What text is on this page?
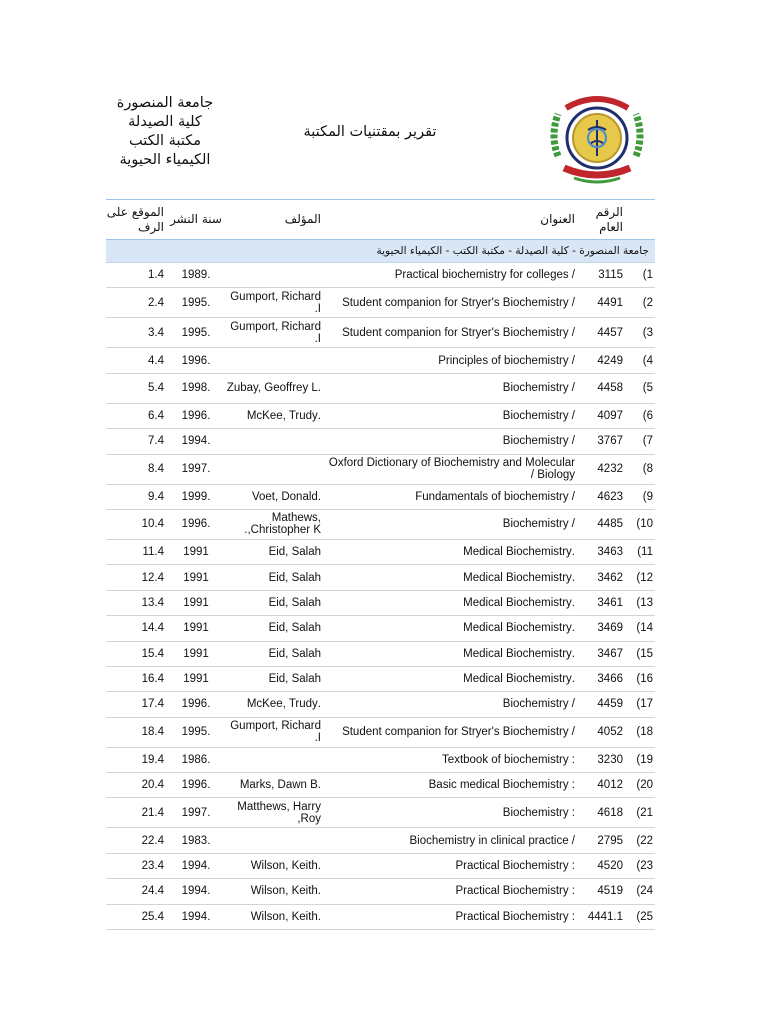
جامعة المنصورة
كلية الصيدلة
مكتبة الكتب
الكيمياء الحيوية
تقرير بمقتنيات المكتبة
	الرقم العام	العنوان	المؤلف	سنة النشر	الموقع على الرف
جامعة المنصورة - كلية الصيدلة - مكتبة الكتب - الكيمياء الحيوية					
(1	3115	/ Practical biochemistry for colleges		.1989	1.4
(2	4491	/ Student companion for Stryer's Biochemistry	Gumport, Richard .I	.1995	2.4
(3	4457	/ Student companion for Stryer's Biochemistry	Gumport, Richard .I	.1995	3.4
(4	4249	/ Principles of biochemistry		.1996	4.4
(5	4458	/ Biochemistry	.Zubay, Geoffrey L	.1998	5.4
(6	4097	/ Biochemistry	.McKee, Trudy	.1996	6.4
(7	3767	/ Biochemistry		.1994	7.4
(8	4232	Oxford Dictionary of Biochemistry and Molecular / Biology		.1997	8.4
(9	4623	/ Fundamentals of biochemistry	.Voet, Donald	.1999	9.4
(10	4485	/ Biochemistry	Mathews, .,Christopher K	.1996	10.4
(11	3463	.Medical Biochemistry	Eid, Salah	1991	11.4
(12	3462	.Medical Biochemistry	Eid, Salah	1991	12.4
(13	3461	.Medical Biochemistry	Eid, Salah	1991	13.4
(14	3469	.Medical Biochemistry	Eid, Salah	1991	14.4
(15	3467	.Medical Biochemistry	Eid, Salah	1991	15.4
(16	3466	.Medical Biochemistry	Eid, Salah	1991	16.4
(17	4459	/ Biochemistry	.McKee, Trudy	.1996	17.4
(18	4052	/ Student companion for Stryer's Biochemistry	Gumport, Richard .I	.1995	18.4
(19	3230	: Textbook of biochemistry		.1986	19.4
(20	4012	: Basic medical Biochemistry	.Marks, Dawn B	.1996	20.4
(21	4618	: Biochemistry	Matthews, Harry ,Roy	.1997	21.4
(22	2795	/ Biochemistry in clinical practice		.1983	22.4
(23	4520	: Practical Biochemistry	.Wilson, Keith	.1994	23.4
(24	4519	: Practical Biochemistry	.Wilson, Keith	.1994	24.4
(25	4441.1	: Practical Biochemistry	.Wilson, Keith	.1994	25.4
